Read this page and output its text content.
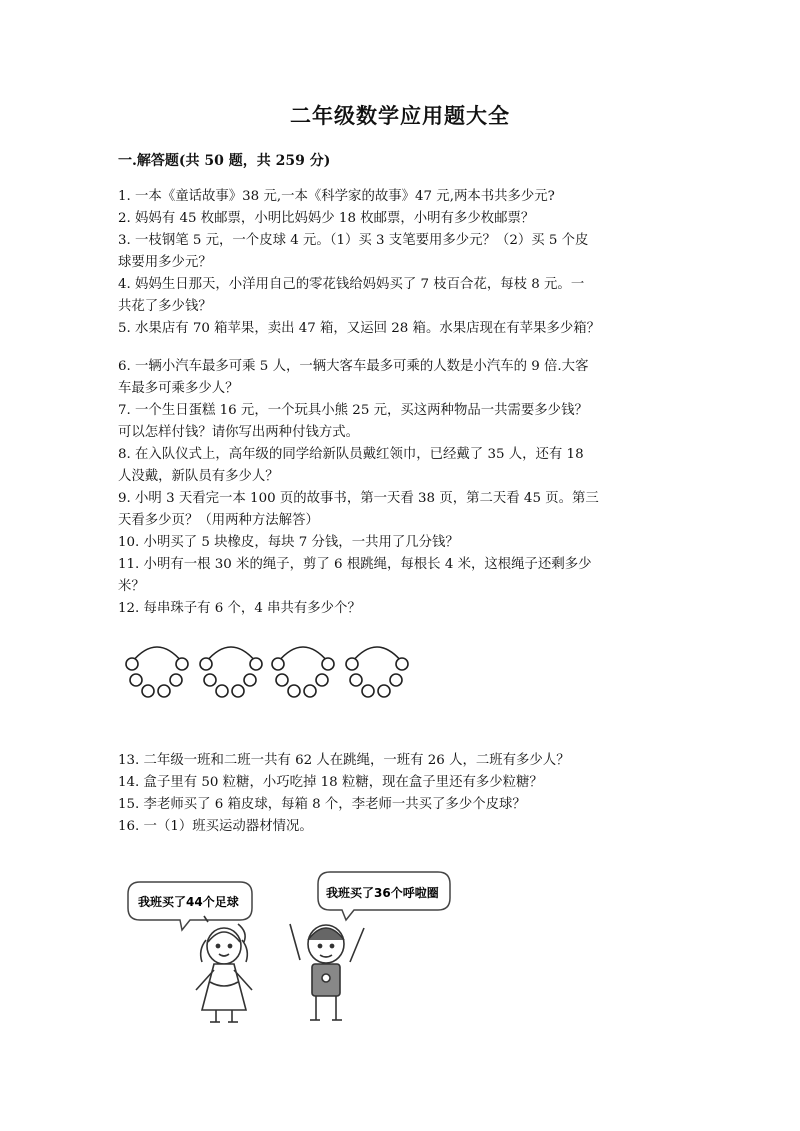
二年级数学应用题大全
一.解答题(共 50 题，共 259 分)
1. 一本《童话故事》38 元,一本《科学家的故事》47 元,两本书共多少元?
2. 妈妈有 45 枚邮票，小明比妈妈少 18 枚邮票，小明有多少枚邮票？
3. 一枝钢笔 5 元，一个皮球 4 元。（1）买 3 支笔要用多少元？（2）买 5 个皮
球要用多少元？
4. 妈妈生日那天，小洋用自己的零花钱给妈妈买了 7 枝百合花，每枝 8 元。一
共花了多少钱？
5. 水果店有 70 箱苹果，卖出 47 箱，又运回 28 箱。水果店现在有苹果多少箱？
6. 一辆小汽车最多可乘 5 人，一辆大客车最多可乘的人数是小汽车的 9 倍.大客
车最多可乘多少人？
7. 一个生日蛋糕 16 元，一个玩具小熊 25 元，买这两种物品一共需要多少钱？
可以怎样付钱？请你写出两种付钱方式。
8. 在入队仪式上，高年级的同学给新队员戴红领巾，已经戴了 35 人，还有 18
人没戴，新队员有多少人？
9. 小明 3 天看完一本 100 页的故事书，第一天看 38 页，第二天看 45 页。第三
天看多少页？（用两种方法解答）
10. 小明买了 5 块橡皮，每块 7 分钱，一共用了几分钱？
11. 小明有一根 30 米的绳子，剪了 6 根跳绳，每根长 4 米，这根绳子还剩多少
米？
12. 每串珠子有 6 个，4 串共有多少个？
13. 二年级一班和二班一共有 62 人在跳绳，一班有 26 人，二班有多少人？
14. 盒子里有 50 粒糖，小巧吃掉 18 粒糖，现在盒子里还有多少粒糖？
15. 李老师买了 6 箱皮球，每箱 8 个，李老师一共买了多少个皮球？
16. 一（1）班买运动器材情况。
我班买了44个足球
我班买了36个呼啦圈
